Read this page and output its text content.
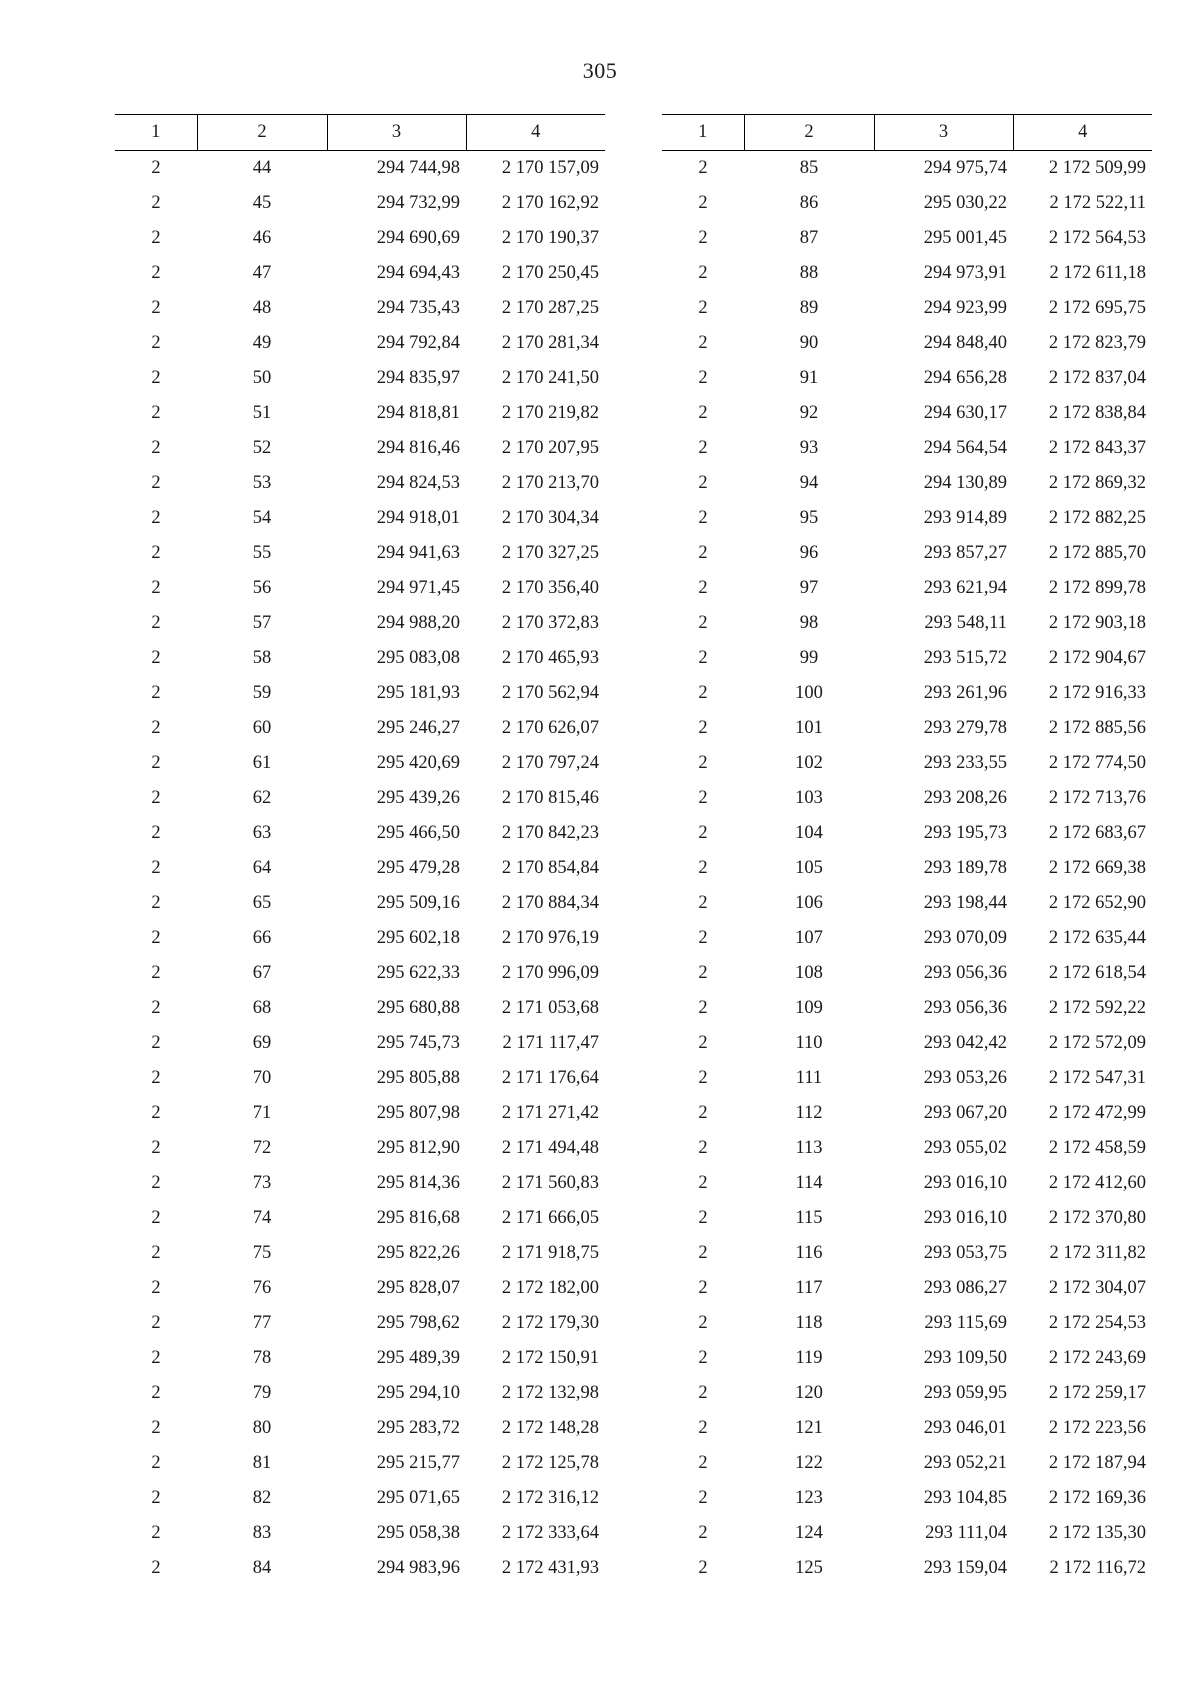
305
1	2	3	4
2	44	294 744,98	2 170 157,09
2	45	294 732,99	2 170 162,92
2	46	294 690,69	2 170 190,37
2	47	294 694,43	2 170 250,45
2	48	294 735,43	2 170 287,25
2	49	294 792,84	2 170 281,34
2	50	294 835,97	2 170 241,50
2	51	294 818,81	2 170 219,82
2	52	294 816,46	2 170 207,95
2	53	294 824,53	2 170 213,70
2	54	294 918,01	2 170 304,34
2	55	294 941,63	2 170 327,25
2	56	294 971,45	2 170 356,40
2	57	294 988,20	2 170 372,83
2	58	295 083,08	2 170 465,93
2	59	295 181,93	2 170 562,94
2	60	295 246,27	2 170 626,07
2	61	295 420,69	2 170 797,24
2	62	295 439,26	2 170 815,46
2	63	295 466,50	2 170 842,23
2	64	295 479,28	2 170 854,84
2	65	295 509,16	2 170 884,34
2	66	295 602,18	2 170 976,19
2	67	295 622,33	2 170 996,09
2	68	295 680,88	2 171 053,68
2	69	295 745,73	2 171 117,47
2	70	295 805,88	2 171 176,64
2	71	295 807,98	2 171 271,42
2	72	295 812,90	2 171 494,48
2	73	295 814,36	2 171 560,83
2	74	295 816,68	2 171 666,05
2	75	295 822,26	2 171 918,75
2	76	295 828,07	2 172 182,00
2	77	295 798,62	2 172 179,30
2	78	295 489,39	2 172 150,91
2	79	295 294,10	2 172 132,98
2	80	295 283,72	2 172 148,28
2	81	295 215,77	2 172 125,78
2	82	295 071,65	2 172 316,12
2	83	295 058,38	2 172 333,64
2	84	294 983,96	2 172 431,93
1	2	3	4
2	85	294 975,74	2 172 509,99
2	86	295 030,22	2 172 522,11
2	87	295 001,45	2 172 564,53
2	88	294 973,91	2 172 611,18
2	89	294 923,99	2 172 695,75
2	90	294 848,40	2 172 823,79
2	91	294 656,28	2 172 837,04
2	92	294 630,17	2 172 838,84
2	93	294 564,54	2 172 843,37
2	94	294 130,89	2 172 869,32
2	95	293 914,89	2 172 882,25
2	96	293 857,27	2 172 885,70
2	97	293 621,94	2 172 899,78
2	98	293 548,11	2 172 903,18
2	99	293 515,72	2 172 904,67
2	100	293 261,96	2 172 916,33
2	101	293 279,78	2 172 885,56
2	102	293 233,55	2 172 774,50
2	103	293 208,26	2 172 713,76
2	104	293 195,73	2 172 683,67
2	105	293 189,78	2 172 669,38
2	106	293 198,44	2 172 652,90
2	107	293 070,09	2 172 635,44
2	108	293 056,36	2 172 618,54
2	109	293 056,36	2 172 592,22
2	110	293 042,42	2 172 572,09
2	111	293 053,26	2 172 547,31
2	112	293 067,20	2 172 472,99
2	113	293 055,02	2 172 458,59
2	114	293 016,10	2 172 412,60
2	115	293 016,10	2 172 370,80
2	116	293 053,75	2 172 311,82
2	117	293 086,27	2 172 304,07
2	118	293 115,69	2 172 254,53
2	119	293 109,50	2 172 243,69
2	120	293 059,95	2 172 259,17
2	121	293 046,01	2 172 223,56
2	122	293 052,21	2 172 187,94
2	123	293 104,85	2 172 169,36
2	124	293 111,04	2 172 135,30
2	125	293 159,04	2 172 116,72
